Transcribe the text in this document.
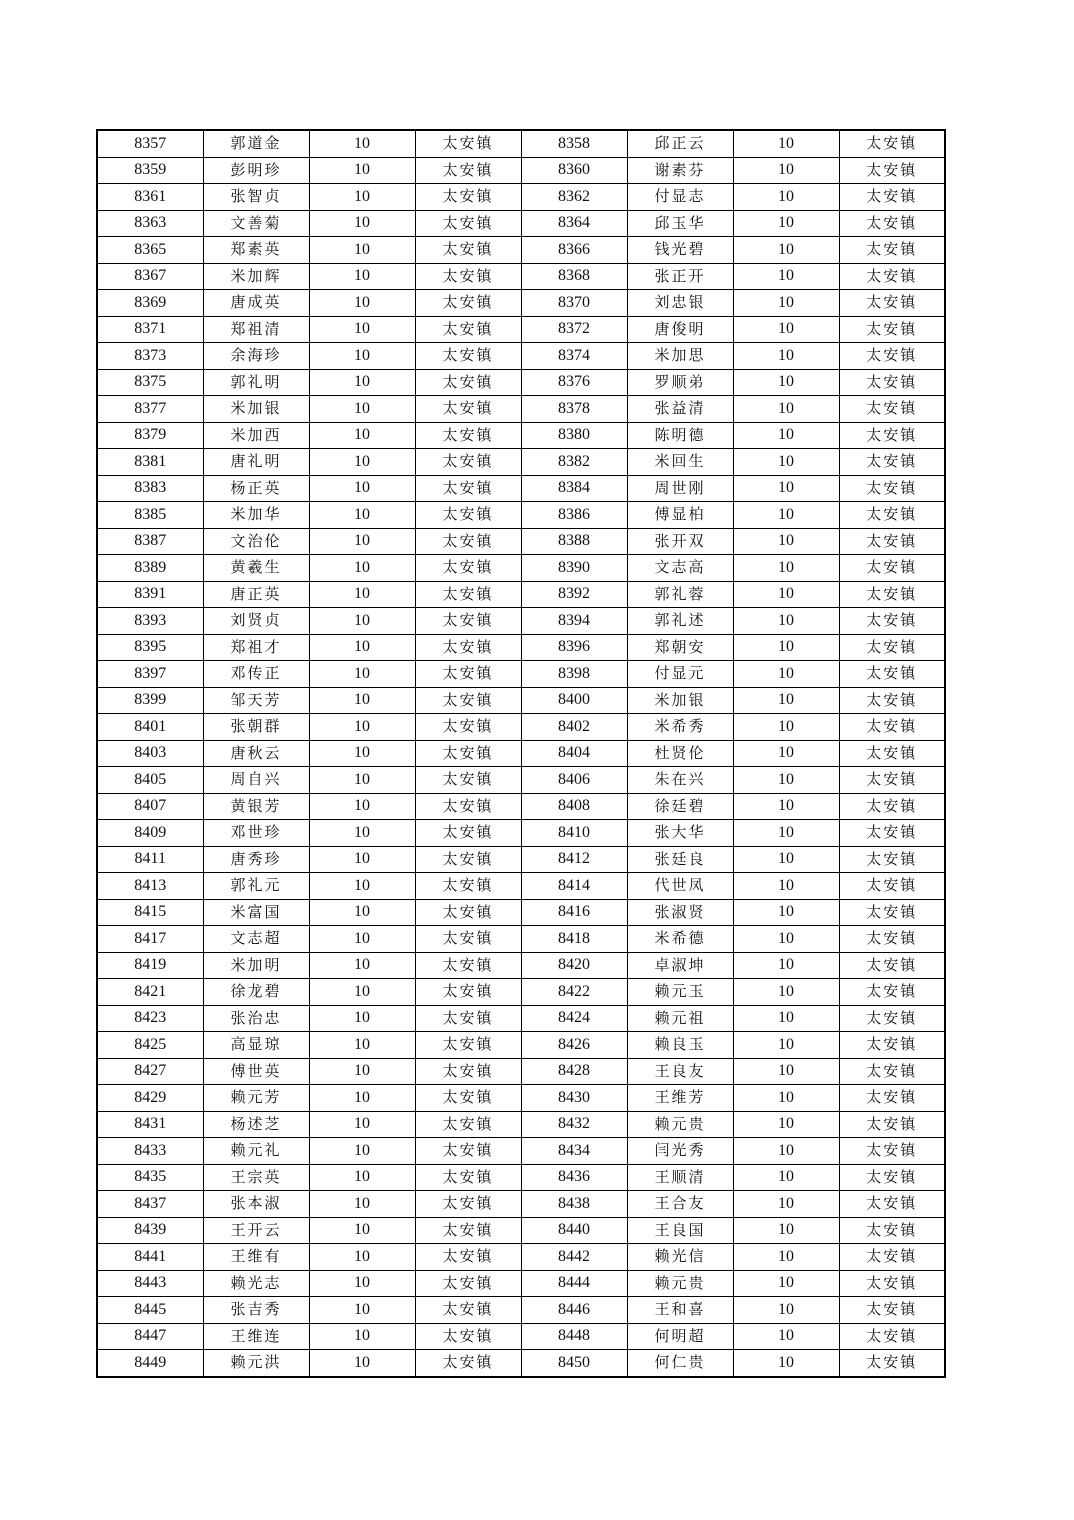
8357	郭道金	10	太安镇	8358	邱正云	10	太安镇
8359	彭明珍	10	太安镇	8360	谢素芬	10	太安镇
8361	张智贞	10	太安镇	8362	付显志	10	太安镇
8363	文善菊	10	太安镇	8364	邱玉华	10	太安镇
8365	郑素英	10	太安镇	8366	钱光碧	10	太安镇
8367	米加辉	10	太安镇	8368	张正开	10	太安镇
8369	唐成英	10	太安镇	8370	刘忠银	10	太安镇
8371	郑祖清	10	太安镇	8372	唐俊明	10	太安镇
8373	余海珍	10	太安镇	8374	米加思	10	太安镇
8375	郭礼明	10	太安镇	8376	罗顺弟	10	太安镇
8377	米加银	10	太安镇	8378	张益清	10	太安镇
8379	米加西	10	太安镇	8380	陈明德	10	太安镇
8381	唐礼明	10	太安镇	8382	米回生	10	太安镇
8383	杨正英	10	太安镇	8384	周世刚	10	太安镇
8385	米加华	10	太安镇	8386	傅显柏	10	太安镇
8387	文治伦	10	太安镇	8388	张开双	10	太安镇
8389	黄羲生	10	太安镇	8390	文志高	10	太安镇
8391	唐正英	10	太安镇	8392	郭礼蓉	10	太安镇
8393	刘贤贞	10	太安镇	8394	郭礼述	10	太安镇
8395	郑祖才	10	太安镇	8396	郑朝安	10	太安镇
8397	邓传正	10	太安镇	8398	付显元	10	太安镇
8399	邹天芳	10	太安镇	8400	米加银	10	太安镇
8401	张朝群	10	太安镇	8402	米希秀	10	太安镇
8403	唐秋云	10	太安镇	8404	杜贤伦	10	太安镇
8405	周自兴	10	太安镇	8406	朱在兴	10	太安镇
8407	黄银芳	10	太安镇	8408	徐廷碧	10	太安镇
8409	邓世珍	10	太安镇	8410	张大华	10	太安镇
8411	唐秀珍	10	太安镇	8412	张廷良	10	太安镇
8413	郭礼元	10	太安镇	8414	代世凤	10	太安镇
8415	米富国	10	太安镇	8416	张淑贤	10	太安镇
8417	文志超	10	太安镇	8418	米希德	10	太安镇
8419	米加明	10	太安镇	8420	卓淑坤	10	太安镇
8421	徐龙碧	10	太安镇	8422	赖元玉	10	太安镇
8423	张治忠	10	太安镇	8424	赖元祖	10	太安镇
8425	高显琼	10	太安镇	8426	赖良玉	10	太安镇
8427	傅世英	10	太安镇	8428	王良友	10	太安镇
8429	赖元芳	10	太安镇	8430	王维芳	10	太安镇
8431	杨述芝	10	太安镇	8432	赖元贵	10	太安镇
8433	赖元礼	10	太安镇	8434	闫光秀	10	太安镇
8435	王宗英	10	太安镇	8436	王顺清	10	太安镇
8437	张本淑	10	太安镇	8438	王合友	10	太安镇
8439	王开云	10	太安镇	8440	王良国	10	太安镇
8441	王维有	10	太安镇	8442	赖光信	10	太安镇
8443	赖光志	10	太安镇	8444	赖元贵	10	太安镇
8445	张吉秀	10	太安镇	8446	王和喜	10	太安镇
8447	王维连	10	太安镇	8448	何明超	10	太安镇
8449	赖元洪	10	太安镇	8450	何仁贵	10	太安镇
